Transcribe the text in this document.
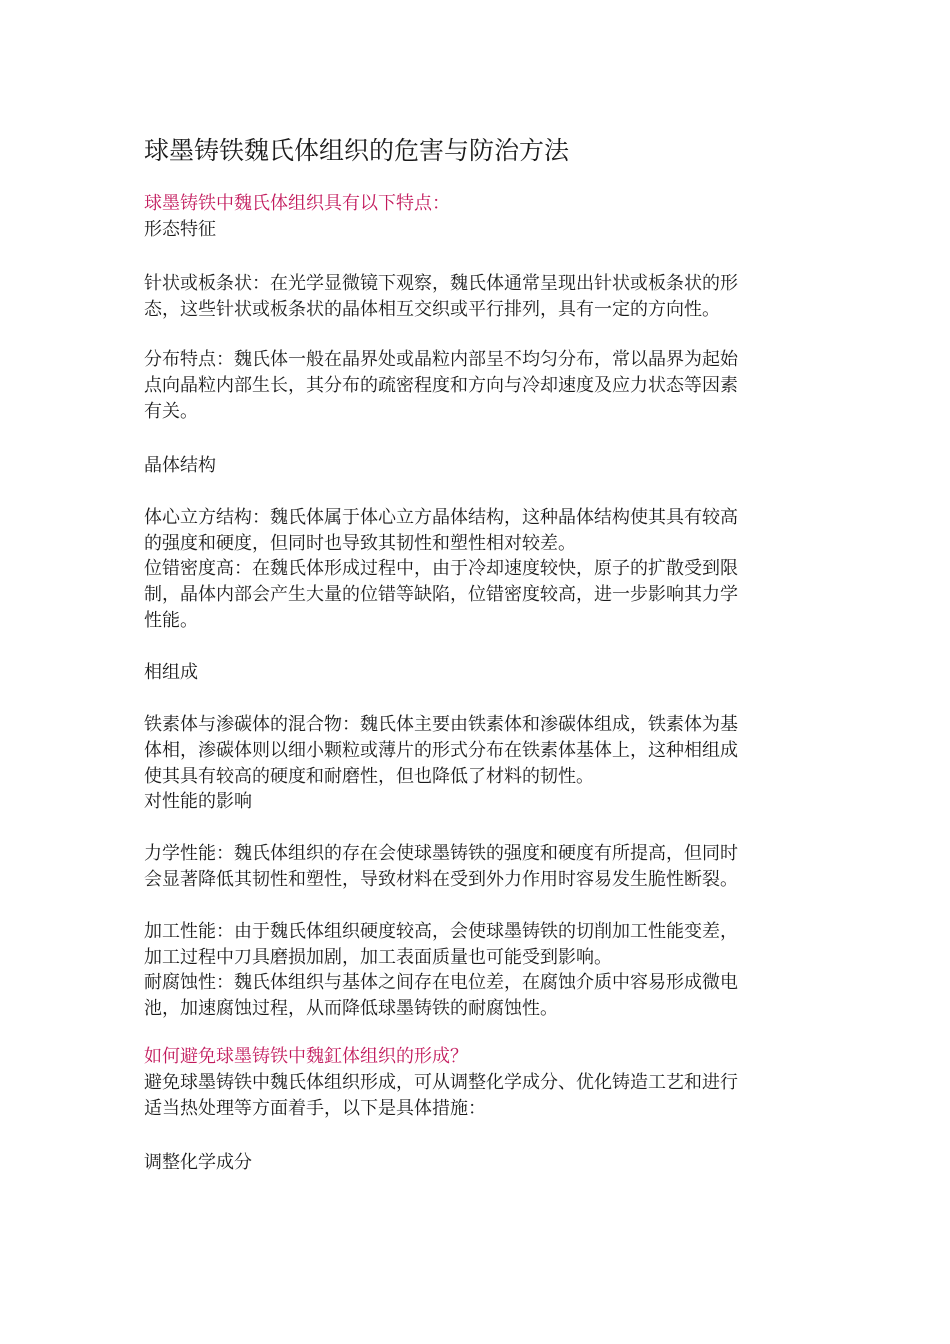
球墨铸铁魏氏体组织的危害与防治方法

球墨铸铁中魏氏体组织具有以下特点：

形态特征

针状或板条状：在光学显微镜下观察，魏氏体通常呈现出针状或板条状的形

态，这些针状或板条状的晶体相互交织或平行排列，具有一定的方向性。

分布特点：魏氏体一般在晶界处或晶粒内部呈不均匀分布，常以晶界为起始

点向晶粒内部生长，其分布的疏密程度和方向与冷却速度及应力状态等因素

有关。

晶体结构

体心立方结构：魏氏体属于体心立方晶体结构，这种晶体结构使其具有较高

的强度和硬度，但同时也导致其韧性和塑性相对较差。

位错密度高：在魏氏体形成过程中，由于冷却速度较快，原子的扩散受到限

制，晶体内部会产生大量的位错等缺陷，位错密度较高，进一步影响其力学

性能。

相组成

铁素体与渗碳体的混合物：魏氏体主要由铁素体和渗碳体组成，铁素体为基

体相，渗碳体则以细小颗粒或薄片的形式分布在铁素体基体上，这种相组成

使其具有较高的硬度和耐磨性，但也降低了材料的韧性。

对性能的影响

力学性能：魏氏体组织的存在会使球墨铸铁的强度和硬度有所提高，但同时

会显著降低其韧性和塑性，导致材料在受到外力作用时容易发生脆性断裂。

加工性能：由于魏氏体组织硬度较高，会使球墨铸铁的切削加工性能变差，

加工过程中刀具磨损加剧，加工表面质量也可能受到影响。

耐腐蚀性：魏氏体组织与基体之间存在电位差，在腐蚀介质中容易形成微电

池，加速腐蚀过程，从而降低球墨铸铁的耐腐蚀性。

如何避免球墨铸铁中魏釭体组织的形成？

避免球墨铸铁中魏氏体组织形成，可从调整化学成分、优化铸造工艺和进行

适当热处理等方面着手，以下是具体措施：

调整化学成分
